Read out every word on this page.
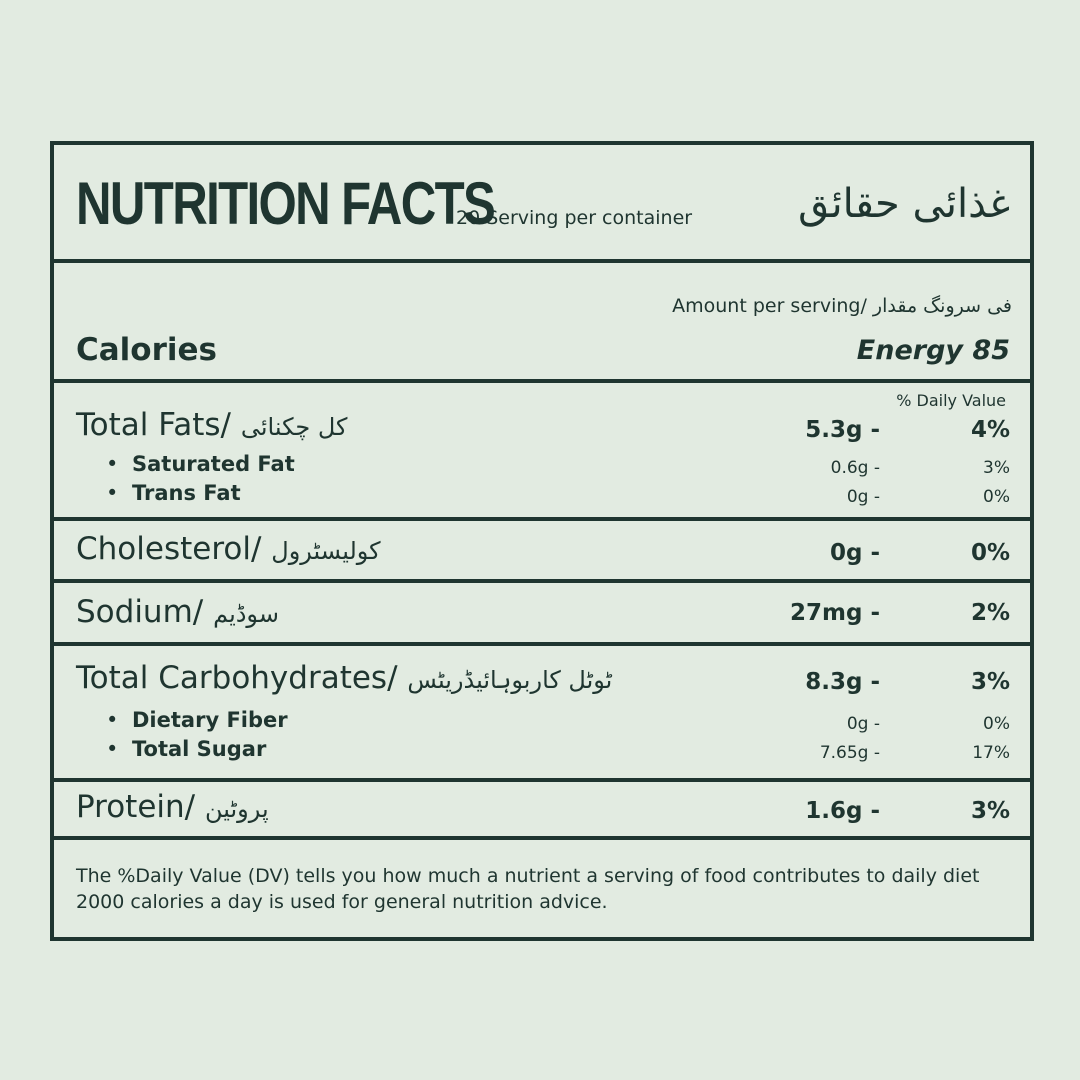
NUTRITION FACTS
20 Serving per container	غذائی حقائق
Amount per serving/ فی سرونگ مقدار
Calories	Energy 85
% Daily Value
Total Fats/ کل چکنائی	5.3g -	4%
• Saturated Fat	0.6g -	3%
• Trans Fat	0g -	0%
Cholesterol/ کولیسٹرول	0g -	0%
Sodium/ سوڈیم	27mg -	2%
Total Carbohydrates/ ٹوٹل کاربوہائیڈریٹس	8.3g -	3%
• Dietary Fiber	0g -	0%
• Total Sugar	7.65g -	17%
Protein/ پروٹین	1.6g -	3%
The %Daily Value (DV) tells you how much a nutrient a serving of food contributes to daily diet 2000 calories a day is used for general nutrition advice.
